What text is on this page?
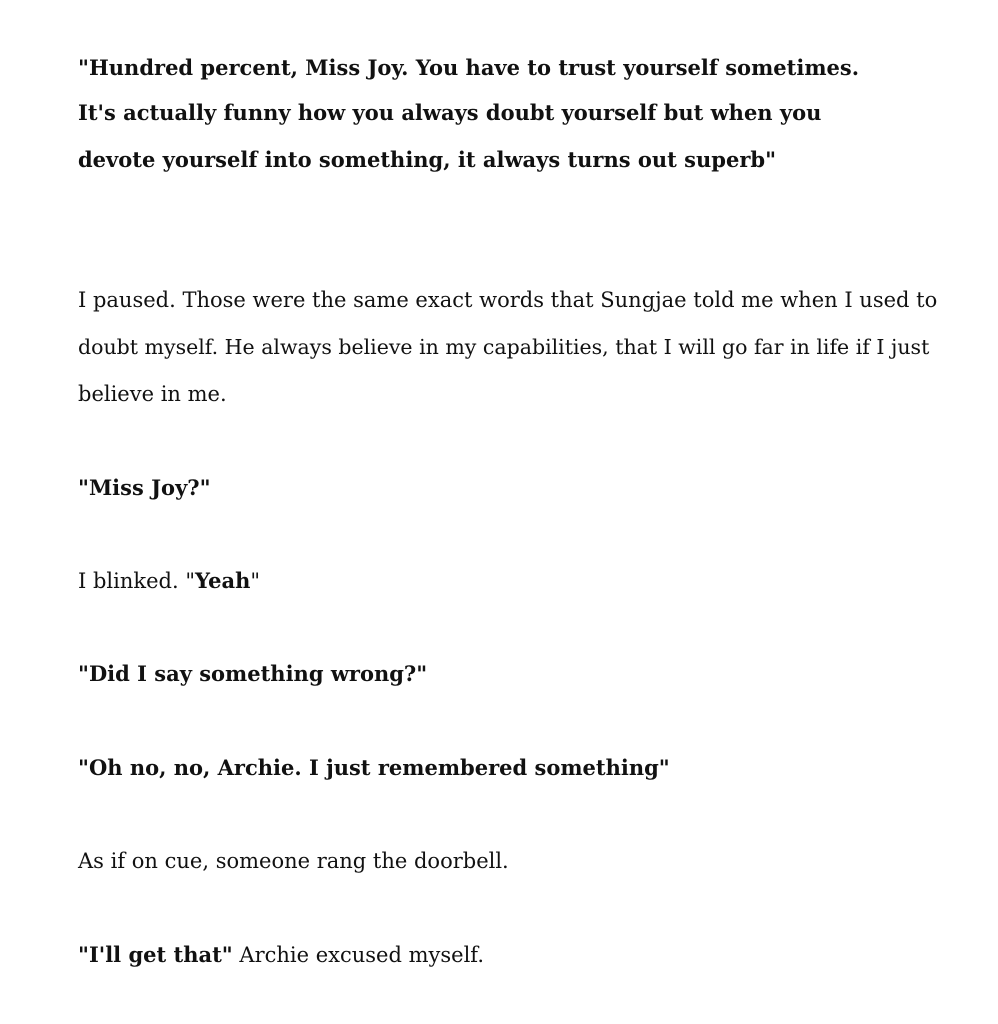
"Hundred percent, Miss Joy. You have to trust yourself sometimes.
It's actually funny how you always doubt yourself but when you
devote yourself into something, it always turns out superb"
I paused. Those were the same exact words that Sungjae told me when I used to
doubt myself. He always believe in my capabilities, that I will go far in life if I just
believe in me.
"Miss Joy?"
I blinked. "Yeah"
"Did I say something wrong?"
"Oh no, no, Archie. I just remembered something"
As if on cue, someone rang the doorbell.
"I'll get that" Archie excused myself.
